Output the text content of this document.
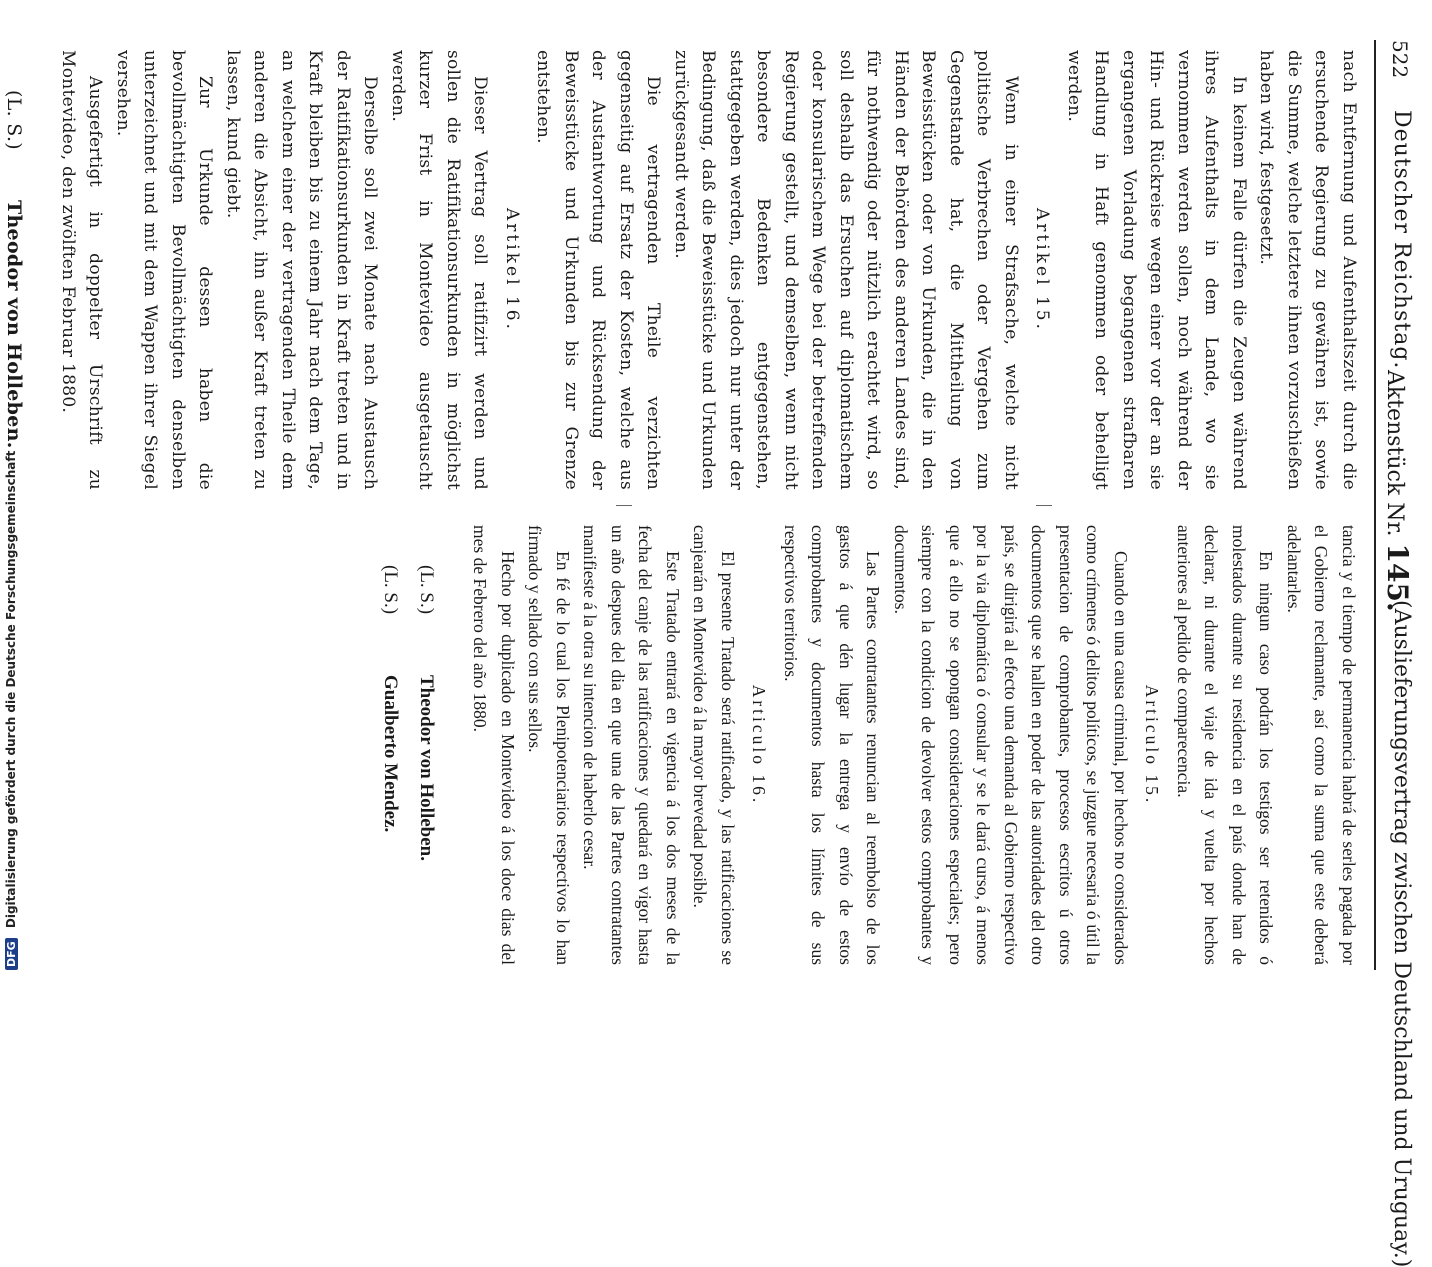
522
Deutscher Reichstag.
Aktenstück Nr. 145.
(Auslieferungsvertrag zwischen Deutschland und Uruguay.)

nach Entfernung und Aufenthaltszeit durch die ersuchende Regierung zu gewähren ist, sowie die Summe, welche letztere ihnen vorzuschießen haben wird, festgesetzt.

In keinem Falle dürfen die Zeugen während ihres Aufenthalts in dem Lande, wo sie vernommen werden sollen, noch während der Hin- und Rückreise wegen einer vor der an sie ergangenen Vorladung begangenen strafbaren Handlung in Haft genommen oder behelligt werden.

Artikel 15.

Wenn in einer Strafsache, welche nicht politische Verbrechen oder Vergehen zum Gegenstande hat, die Mittheilung von Beweisstücken oder von Urkunden, die in den Händen der Behörden des anderen Landes sind, für nothwendig oder nützlich erachtet wird, so soll deshalb das Ersuchen auf diplomatischem oder konsularischem Wege bei der betreffenden Regierung gestellt, und demselben, wenn nicht besondere Bedenken entgegenstehen, stattgegeben werden, dies jedoch nur unter der Bedingung, daß die Beweisstücke und Urkunden zurückgesandt werden.

Die vertragenden Theile verzichten gegenseitig auf Ersatz der Kosten, welche aus der Austantwortung und Rücksendung der Beweisstücke und Urkunden bis zur Grenze entstehen.

Artikel 16.

Dieser Vertrag soll ratifizirt werden und sollen die Ratifikationsurkunden in möglichst kurzer Frist in Montevideo ausgetauscht werden.

Derselbe soll zwei Monate nach Austausch der Ratifikationsurkunden in Kraft treten und in Kraft bleiben bis zu einem Jahr nach dem Tage, an welchem einer der vertragenden Theile dem anderen die Absicht, ihn außer Kraft treten zu lassen, kund giebt.

Zur Urkunde dessen haben die bevollmächtigten Bevollmächtigten denselben unterzeichnet und mit dem Wappen ihrer Siegel versehen.

Ausgefertigt in doppelter Urschrift zu Montevideo, den zwölften Februar 1880.

(L. S.)
Theodor von Holleben.

tancia y el tiempo de permanencia habrá de serles pagada por el Gobierno reclamante, así como la suma que este deberá adelantarles.

En ningun caso podrán los testigos ser retenidos ó molestados durante su residencia en el país donde han de declarar, ni durante el viaje de ida y vuelta por hechos anteriores al pedido de comparecencia.

Articulo 15.

Cuando en una causa criminal, por hechos no considerados como crímenes ó delitos políticos, se juzgue necesaria ó útil la presentacion de comprobantes, procesos escritos ú otros documentos que se hallen en poder de las autoridades del otro país, se dirigirá al efecto una demanda al Gobierno respectivo por la via diplomática ó consular y se le dará curso, á menos que á ello no se opongan consideraciones especiales; pero siempre con la condicion de devolver estos comprobantes y documentos.

Las Partes contratantes renuncian al reembolso de los gastos á que dén lugar la entrega y envío de estos comprobantes y documentos hasta los límites de sus respectivos territorios.

Articulo 16.

El presente Tratado será ratificado, y las ratificaciones se canjearán en Montevideo á la mayor brevedad posible.

Este Tratado entrará en vigencia á los dos meses de la fecha del canje de las ratificaciones y quedará en vigor hasta un año despues del dia en que una de las Partes contratantes manifieste á la otra su intencion de haberlo cesar.

En fé de lo cual los Plenipotenciarios respectivos lo han firmado y sellado con sus sellos.

Hecho por duplicado en Montevideo á los doce dias del mes de Febrero del año 1880.

(L. S.)
Theodor von Holleben.
(L. S.)
Gualberto Mendez.
DFG Digitalisierung gefördert durch die Deutsche Forschungsgemeinschaft
